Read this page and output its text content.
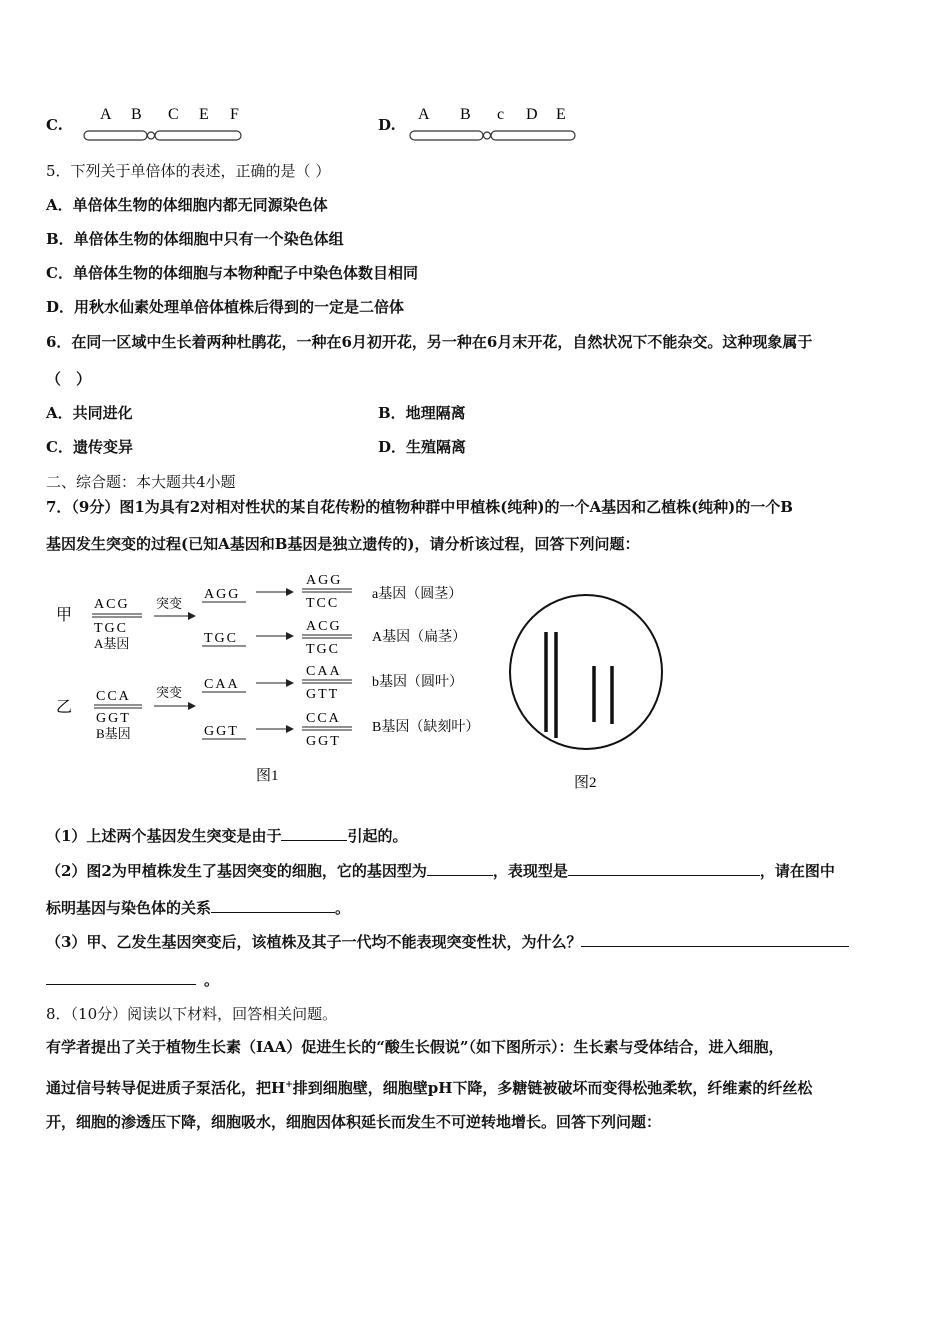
C.
A B C E F
D.
A B c D E
5．下列关于单倍体的表述，正确的是（ ）
A．单倍体生物的体细胞内都无同源染色体
B．单倍体生物的体细胞中只有一个染色体组
C．单倍体生物的体细胞与本物种配子中染色体数目相同
D．用秋水仙素处理单倍体植株后得到的一定是二倍体
6．在同一区域中生长着两种杜鹃花，一种在6月初开花，另一种在6月末开花，自然状况下不能杂交。这种现象属于
（　）
A．共同进化	B．地理隔离
C．遗传变异	D．生殖隔离
二、综合题：本大题共4小题
7．（9分）图1为具有2对相对性状的某自花传粉的植物种群中甲植株(纯种)的一个A基因和乙植株(纯种)的一个B
基因发生突变的过程(已知A基因和B基因是独立遗传的)，请分析该过程，回答下列问题：
甲
乙
ACG
TGC
A基因
突变
AGG
AGG
TCC
a基因（圆茎）
TGC
ACG
TGC
A基因（扁茎）
CCA
GGT
B基因
突变
CAA
CAA
GTT
b基因（圆叶）
GGT
CCA
GGT
B基因（缺刻叶）
图1	图2
（1）上述两个基因发生突变是由于	引起的。
（2）图2为甲植株发生了基因突变的细胞，它的基因型为	，表现型是	，请在图中
标明基因与染色体的关系	。
（3）甲、乙发生基因突变后，该植株及其子一代均不能表现突变性状，为什么？
。
8．（10分）阅读以下材料，回答相关问题。
有学者提出了关于植物生长素（IAA）促进生长的“酸生长假说”（如下图所示）：生长素与受体结合，进入细胞，
通过信号转导促进质子泵活化，把H+排到细胞壁，细胞壁pH下降，多糖链被破坏而变得松弛柔软，纤维素的纤丝松
开，细胞的渗透压下降，细胞吸水，细胞因体积延长而发生不可逆转地增长。回答下列问题：
